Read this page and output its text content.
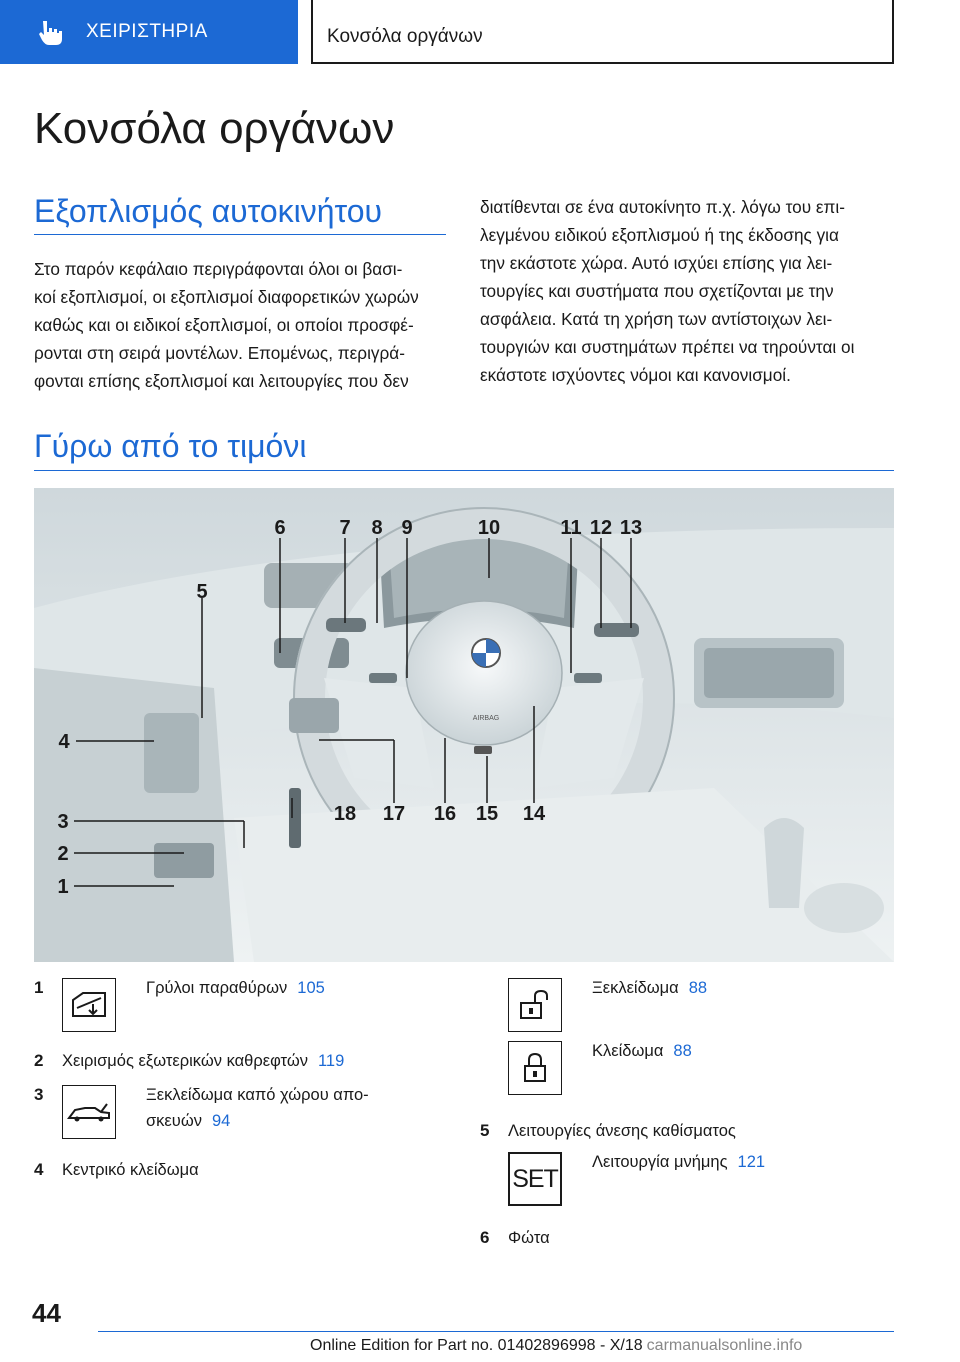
ΧΕΙΡΙΣΤΗΡΙΑ	Κονσόλα οργάνων
Κονσόλα οργάνων
Εξοπλισμός αυτοκινήτου
Στο παρόν κεφάλαιο περιγράφονται όλοι οι βασι-
κοί εξοπλισμοί, οι εξοπλισμοί διαφορετικών χωρών
καθώς και οι ειδικοί εξοπλισμοί, οι οποίοι προσφέ-
ρονται στη σειρά μοντέλων. Επομένως, περιγρά-
φονται επίσης εξοπλισμοί και λειτουργίες που δεν
διατίθενται σε ένα αυτοκίνητο π.χ. λόγω του επι-
λεγμένου ειδικού εξοπλισμού ή της έκδοσης για
την εκάστοτε χώρα. Αυτό ισχύει επίσης για λει-
τουργίες και συστήματα που σχετίζονται με την
ασφάλεια. Κατά τη χρήση των αντίστοιχων λει-
τουργιών και συστημάτων πρέπει να τηρούνται οι
εκάστοτε ισχύοντες νόμοι και κανονισμοί.
Γύρω από το τιμόνι
AIRBAG
5
4
3
2
1
6	7 8 9	10	11 12 13
14
15
16
17
18
1	Γρύλοι παραθύρων 105
2 Χειρισμός εξωτερικών καθρεφτών 119
3	Ξεκλείδωμα καπό χώρου απο-
σκευών 94
4 Κεντρικό κλείδωμα
Ξεκλείδωμα 88
Κλείδωμα 88
5 Λειτουργίες άνεσης καθίσματος
SET
Λειτουργία μνήμης 121
6 Φώτα
44
Online Edition for Part no. 01402896998 - X/18 carmanualsonline.info
